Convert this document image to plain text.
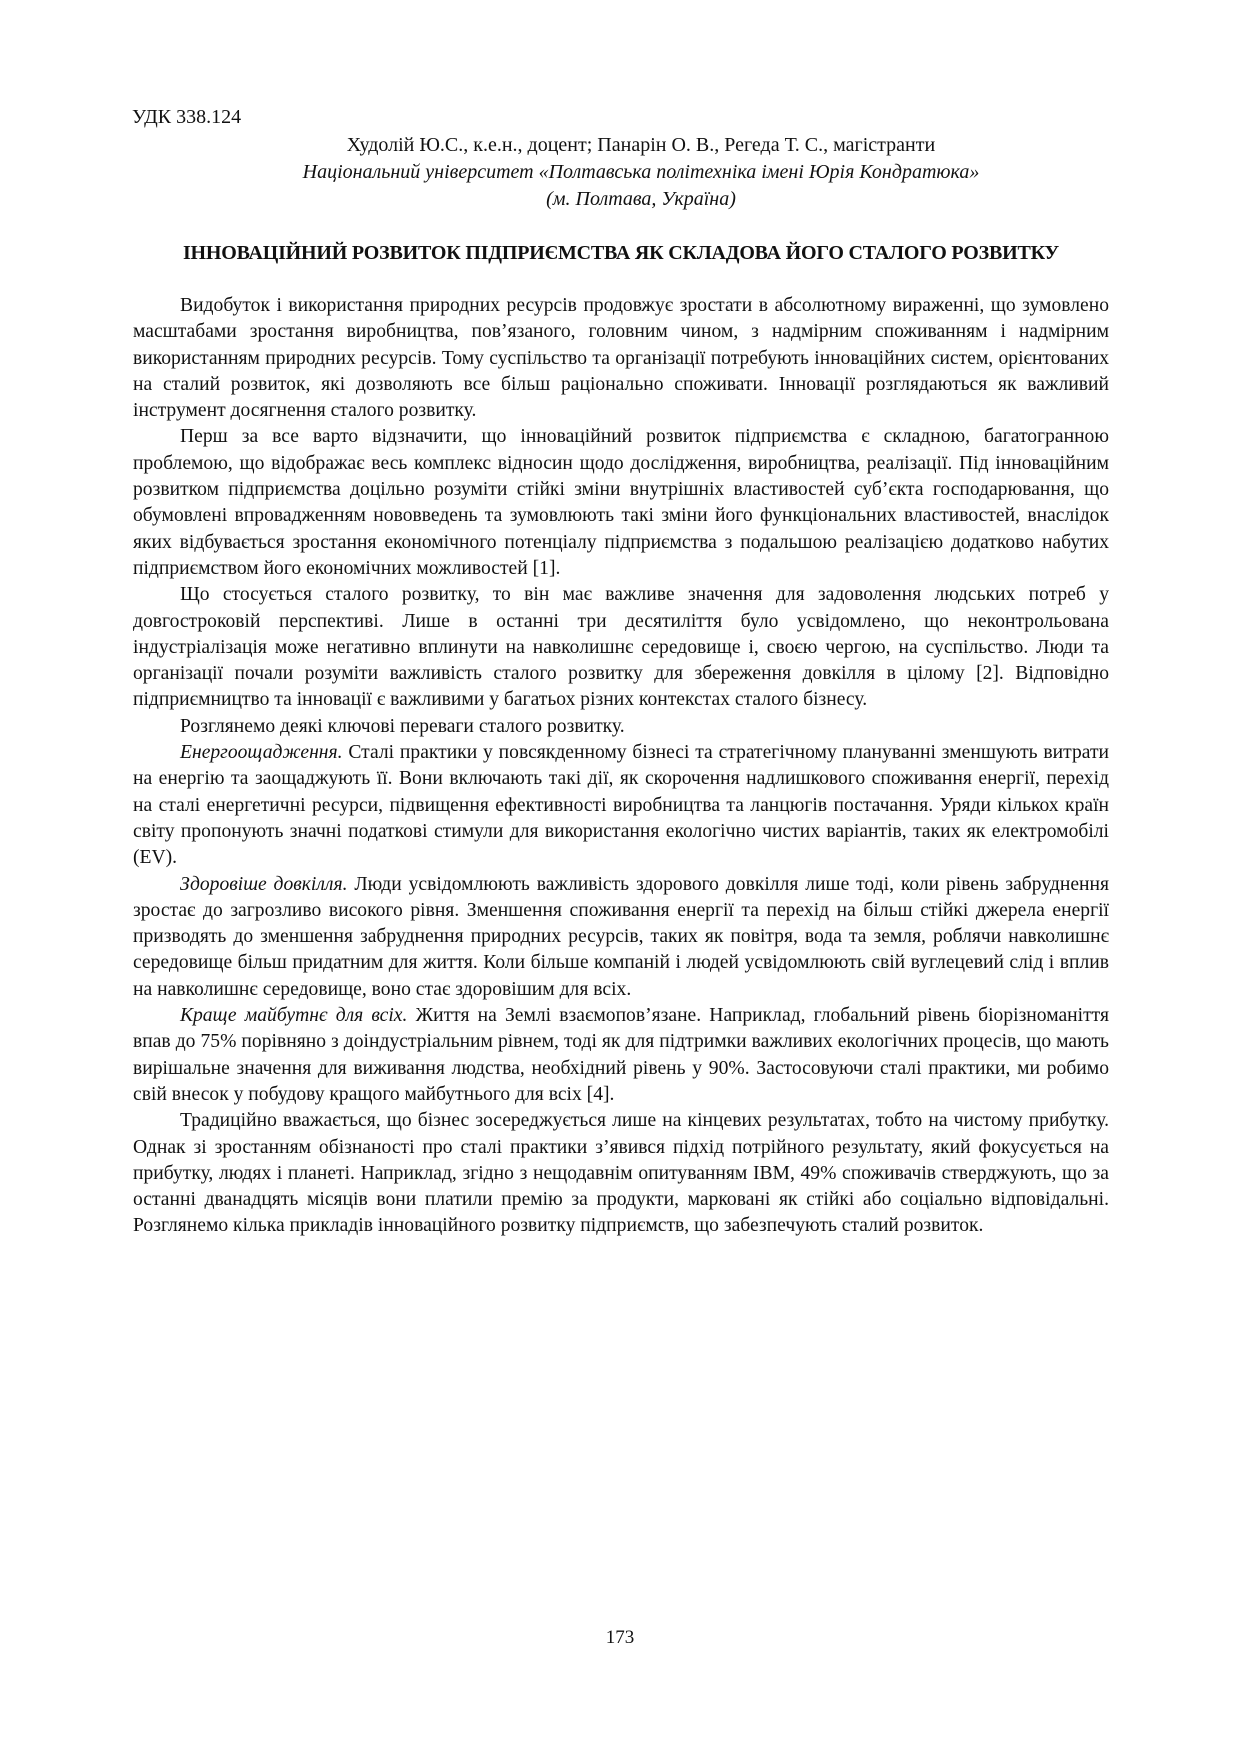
УДК 338.124
Худолій Ю.С., к.е.н., доцент; Панарін О. В., Регеда Т. С., магістранти
Національний університет «Полтавська політехніка імені Юрія Кондратюка»
(м. Полтава, Україна)
ІННОВАЦІЙНИЙ РОЗВИТОК ПІДПРИЄМСТВА ЯК СКЛАДОВА ЙОГО СТАЛОГО РОЗВИТКУ

Видобуток і використання природних ресурсів продовжує зростати в абсолютному вираженні, що зумовлено масштабами зростання виробництва, пов’язаного, головним чином, з надмірним споживанням і надмірним використанням природних ресурсів. Тому суспільство та організації потребують інноваційних систем, орієнтованих на сталий розвиток, які дозволяють все більш раціонально споживати. Інновації розглядаються як важливий інструмент досягнення сталого розвитку.

Перш за все варто відзначити, що інноваційний розвиток підприємства є складною, багатогранною проблемою, що відображає весь комплекс відносин щодо дослідження, виробництва, реалізації. Під інноваційним розвитком підприємства доцільно розуміти стійкі зміни внутрішніх властивостей суб’єкта господарювання, що обумовлені впровадженням нововведень та зумовлюють такі зміни його функціональних властивостей, внаслідок яких відбувається зростання економічного потенціалу підприємства з подальшою реалізацією додатково набутих підприємством його економічних можливостей [1].

Що стосується сталого розвитку, то він має важливе значення для задоволення людських потреб у довгостроковій перспективі. Лише в останні три десятиліття було усвідомлено, що неконтрольована індустріалізація може негативно вплинути на навколишнє середовище і, своєю чергою, на суспільство. Люди та організації почали розуміти важливість сталого розвитку для збереження довкілля в цілому [2]. Відповідно підприємництво та інновації є важливими у багатьох різних контекстах сталого бізнесу.

Розглянемо деякі ключові переваги сталого розвитку.

Енергоощадження. Сталі практики у повсякденному бізнесі та стратегічному плануванні зменшують витрати на енергію та заощаджують її. Вони включають такі дії, як скорочення надлишкового споживання енергії, перехід на сталі енергетичні ресурси, підвищення ефективності виробництва та ланцюгів постачання. Уряди кількох країн світу пропонують значні податкові стимули для використання екологічно чистих варіантів, таких як електромобілі (EV).

Здоровіше довкілля. Люди усвідомлюють важливість здорового довкілля лише тоді, коли рівень забруднення зростає до загрозливо високого рівня. Зменшення споживання енергії та перехід на більш стійкі джерела енергії призводять до зменшення забруднення природних ресурсів, таких як повітря, вода та земля, роблячи навколишнє середовище більш придатним для життя. Коли більше компаній і людей усвідомлюють свій вуглецевий слід і вплив на навколишнє середовище, воно стає здоровішим для всіх.

Краще майбутнє для всіх. Життя на Землі взаємопов’язане. Наприклад, глобальний рівень біорізноманіття впав до 75% порівняно з доіндустріальним рівнем, тоді як для підтримки важливих екологічних процесів, що мають вирішальне значення для виживання людства, необхідний рівень у 90%. Застосовуючи сталі практики, ми робимо свій внесок у побудову кращого майбутнього для всіх [4].

Традиційно вважається, що бізнес зосереджується лише на кінцевих результатах, тобто на чистому прибутку. Однак зі зростанням обізнаності про сталі практики з’явився підхід потрійного результату, який фокусується на прибутку, людях і планеті. Наприклад, згідно з нещодавнім опитуванням IBM, 49% споживачів стверджують, що за останні дванадцять місяців вони платили премію за продукти, марковані як стійкі або соціально відповідальні. Розглянемо кілька прикладів інноваційного розвитку підприємств, що забезпечують сталий розвиток.

173
